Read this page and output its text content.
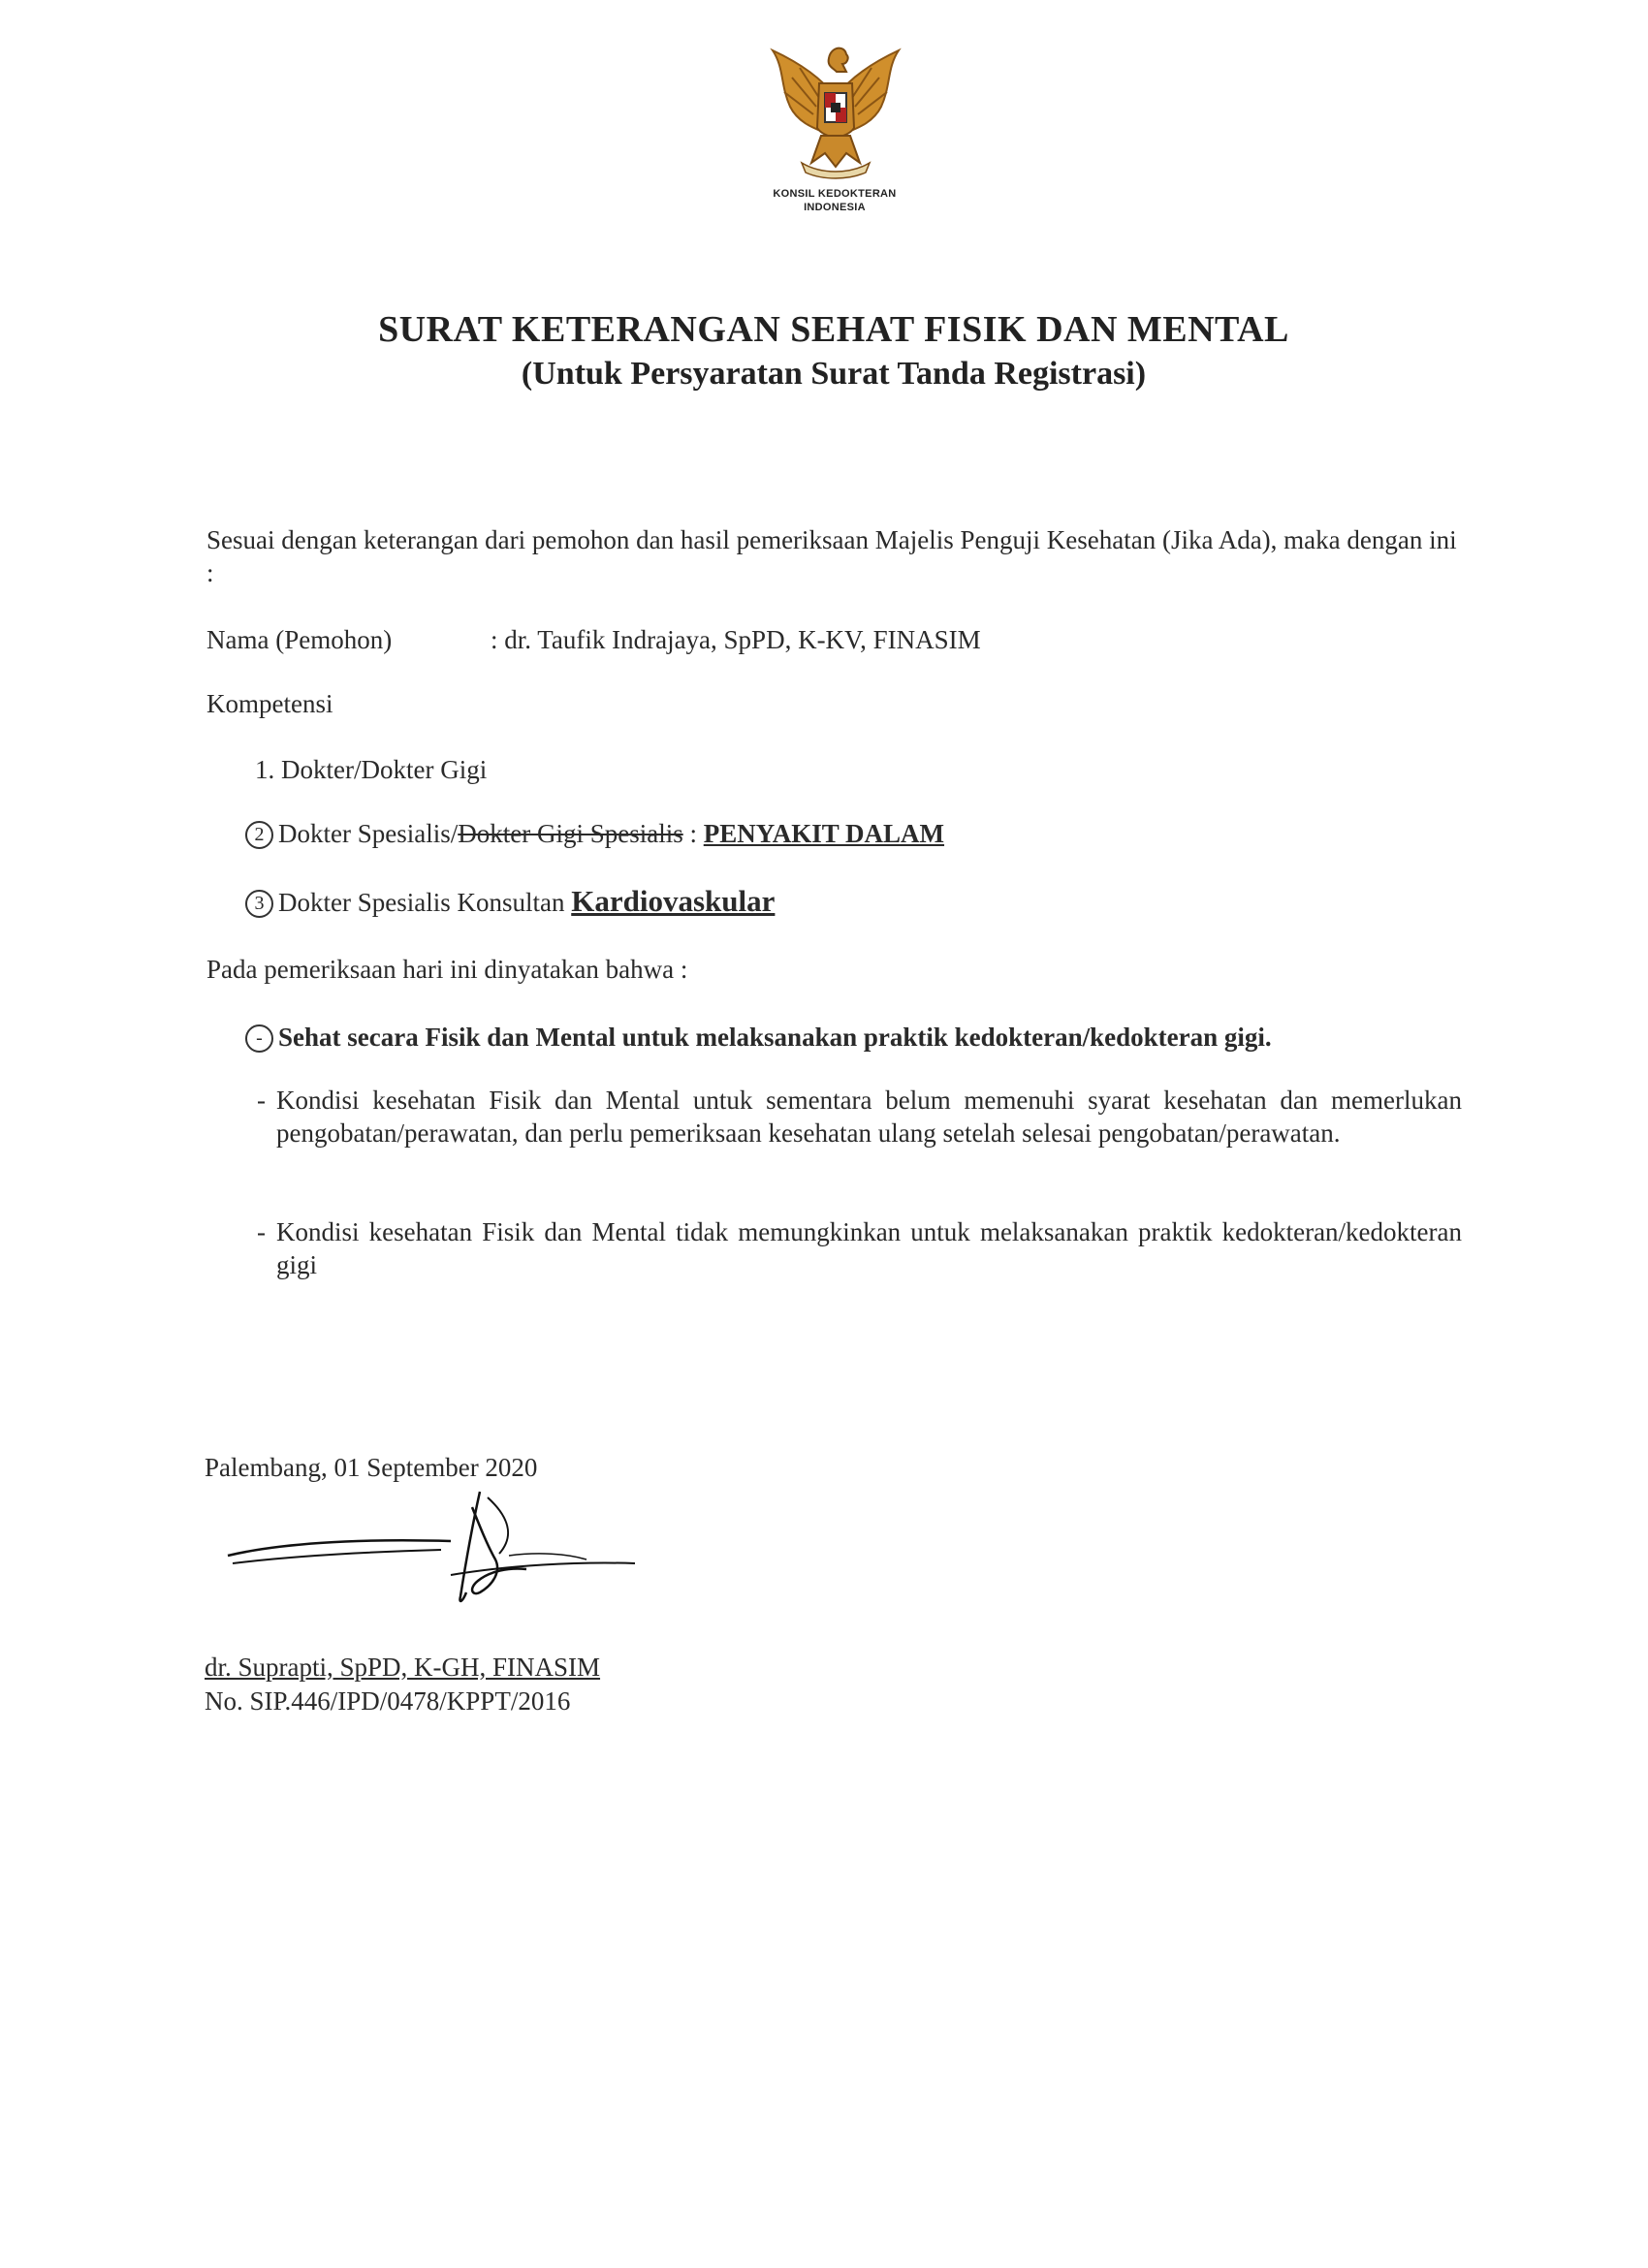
KONSIL KEDOKTERAN
INDONESIA
SURAT KETERANGAN SEHAT FISIK DAN MENTAL
(Untuk Persyaratan Surat Tanda Registrasi)
Sesuai dengan keterangan dari pemohon dan hasil pemeriksaan Majelis Penguji Kesehatan (Jika Ada), maka dengan ini :
Nama (Pemohon)	: dr. Taufik Indrajaya, SpPD, K-KV, FINASIM
Kompetensi
1. Dokter/Dokter Gigi
2 Dokter Spesialis/Dokter Gigi Spesialis : PENYAKIT DALAM
3 Dokter Spesialis Konsultan Kardiovaskular
Pada pemeriksaan hari ini dinyatakan bahwa :
- Sehat secara Fisik dan Mental untuk melaksanakan praktik kedokteran/kedokteran gigi.
- Kondisi kesehatan Fisik dan Mental untuk sementara belum memenuhi syarat kesehatan dan memerlukan pengobatan/perawatan, dan perlu pemeriksaan kesehatan ulang setelah selesai pengobatan/perawatan.
- Kondisi kesehatan Fisik dan Mental tidak memungkinkan untuk melaksanakan praktik kedokteran/kedokteran gigi
Palembang, 01 September 2020
dr. Suprapti, SpPD, K-GH, FINASIM
No. SIP.446/IPD/0478/KPPT/2016
